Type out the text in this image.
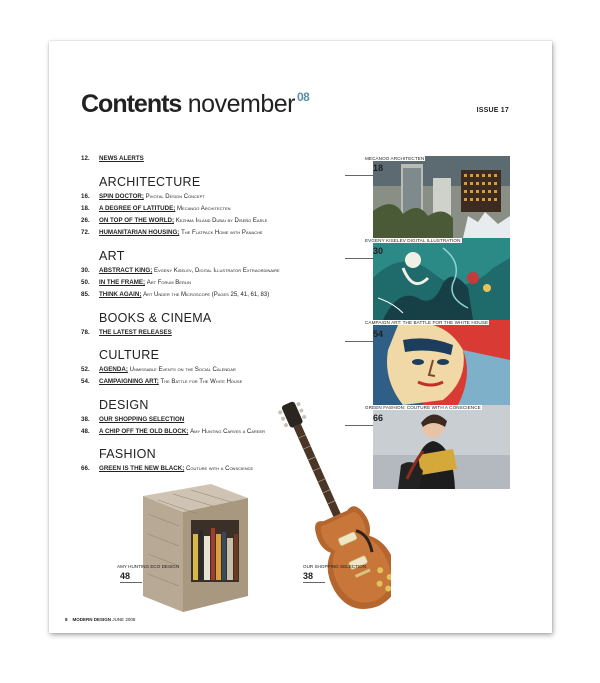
Contents november $^{08}$
ISSUE 17
12. NEWS ALERTS
ARCHITECTURE
16. SPIN DOCTOR; Pivotal Design Concept
18. A DEGREE OF LATITUDE; Mecanoo Architecten
26. ON TOP OF THE WORLD; Kezhma Island Dubai by Diseño Earle
72. HUMANITARIAN HOUSING; The Flatpack Home with Panache
ART
30. ABSTRACT KING; Evgeny Kiselev, Digital Illustrator Extraordinaire
50. IN THE FRAME; Art Forum Berlin
85. THINK AGAIN; Art Under the Microscope (Pages 25, 41, 61, 83)
BOOKS & CINEMA
78. THE LATEST RELEASES
CULTURE
52. AGENDA; Unmissable Events on the Social Calendar
54. CAMPAIGNING ART; The Battle for The White House
DESIGN
38. OUR SHOPPING SELECTION
48. A CHIP OFF THE OLD BLOCK; Amy Hunting Carves a Career
FASHION
66. GREEN IS THE NEW BLACK; Couture with a Conscience
MECANOO ARCHITECTEN
18
EVGENY KISELEV DIGITAL ILLUSTRATION
30
CAMPAIGN ART: THE BATTLE FOR THE WHITE HOUSE
54
GREEN FASHION: COUTURE WITH A CONSCIENCE
66
AMY HUNTING ECO DESIGN
48
OUR SHOPPING SELECTION
38
8 MODERN DESIGN JUNE 2008
